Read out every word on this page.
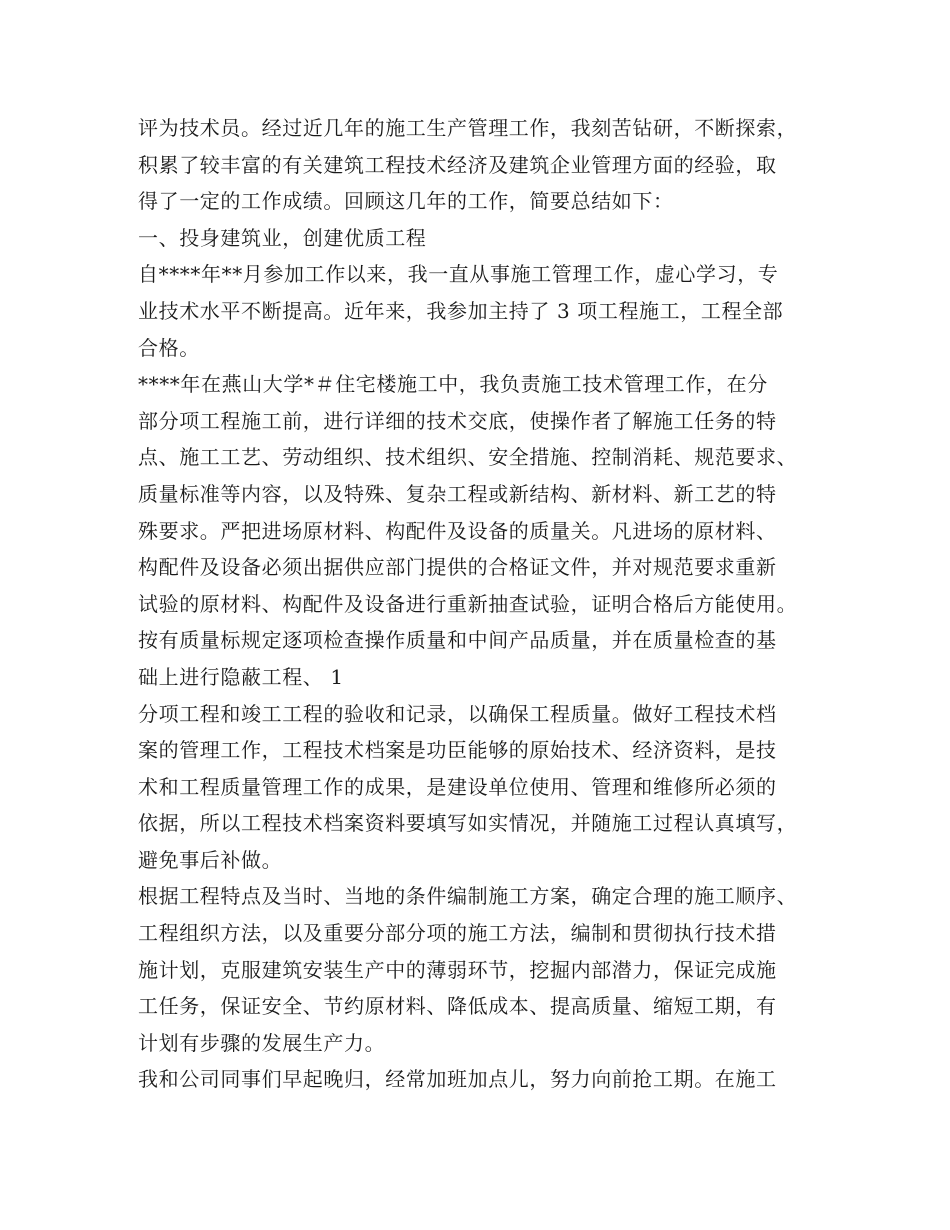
评为技术员。经过近几年的施工生产管理工作，我刻苦钻研，不断探索，
积累了较丰富的有关建筑工程技术经济及建筑企业管理方面的经验，取
得了一定的工作成绩。回顾这几年的工作，简要总结如下：
一、投身建筑业，创建优质工程
自****年**月参加工作以来，我一直从事施工管理工作，虚心学习，专
业技术水平不断提高。近年来，我参加主持了 3 项工程施工，工程全部
合格。
****年在燕山大学*＃住宅楼施工中，我负责施工技术管理工作，在分
部分项工程施工前，进行详细的技术交底，使操作者了解施工任务的特
点、施工工艺、劳动组织、技术组织、安全措施、控制消耗、规范要求、
质量标准等内容，以及特殊、复杂工程或新结构、新材料、新工艺的特
殊要求。严把进场原材料、构配件及设备的质量关。凡进场的原材料、
构配件及设备必须出据供应部门提供的合格证文件，并对规范要求重新
试验的原材料、构配件及设备进行重新抽查试验，证明合格后方能使用。
按有质量标规定逐项检查操作质量和中间产品质量，并在质量检查的基
础上进行隐蔽工程、 1
分项工程和竣工工程的验收和记录，以确保工程质量。做好工程技术档
案的管理工作，工程技术档案是功臣能够的原始技术、经济资料，是技
术和工程质量管理工作的成果，是建设单位使用、管理和维修所必须的
依据，所以工程技术档案资料要填写如实情况，并随施工过程认真填写，
避免事后补做。
根据工程特点及当时、当地的条件编制施工方案，确定合理的施工顺序、
工程组织方法，以及重要分部分项的施工方法，编制和贯彻执行技术措
施计划，克服建筑安装生产中的薄弱环节，挖掘内部潜力，保证完成施
工任务，保证安全、节约原材料、降低成本、提高质量、缩短工期，有
计划有步骤的发展生产力。
我和公司同事们早起晚归，经常加班加点儿，努力向前抢工期。在施工
